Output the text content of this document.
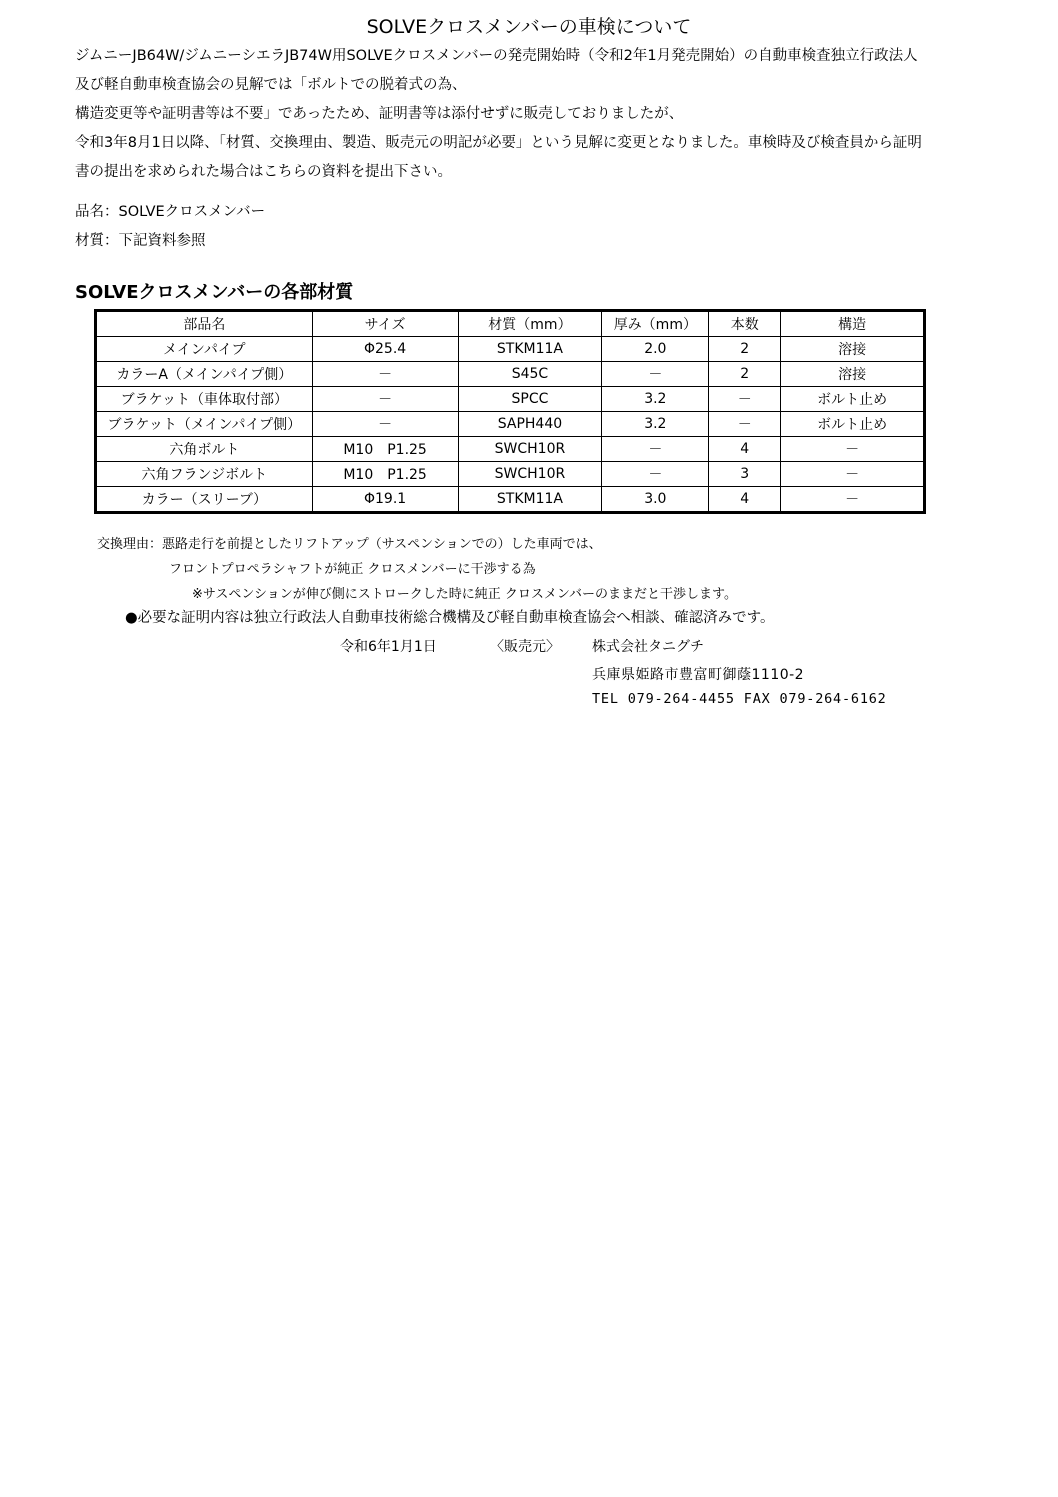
SOLVEクロスメンバーの車検について
ジムニーJB64W/ジムニーシエラJB74W用SOLVEクロスメンバーの発売開始時（令和2年1月発売開始）の自動車検査独立行政法人
及び軽自動車検査協会の見解では「ボルトでの脱着式の為、
構造変更等や証明書等は不要」であったため、証明書等は添付せずに販売しておりましたが、
令和3年8月1日以降、「材質、交換理由、製造、販売元の明記が必要」という見解に変更となりました。車検時及び検査員から証明
書の提出を求められた場合はこちらの資料を提出下さい。
品名：SOLVEクロスメンバー
材質：下記資料参照
SOLVEクロスメンバーの各部材質
部品名	サイズ	材質（mm）	厚み（mm）	本数	構造
メインパイプ	Φ25.4	STKM11A	2.0	2	溶接
カラーA（メインパイプ側）	－	S45C	－	2	溶接
ブラケット（車体取付部）	－	SPCC	3.2	－	ボルト止め
ブラケット（メインパイプ側）	－	SAPH440	3.2	－	ボルト止め
六角ボルト	M10　P1.25	SWCH10R	－	4	－
六角フランジボルト	M10　P1.25	SWCH10R	－	3	－
カラー（スリーブ）	Φ19.1	STKM11A	3.0	4	－
交換理由：悪路走行を前提としたリフトアップ（サスペンションでの）した車両では、
フロントプロペラシャフトが純正 クロスメンバーに干渉する為
※サスペンションが伸び側にストロークした時に純正 クロスメンバーのままだと干渉します。
●必要な証明内容は独立行政法人自動車技術総合機構及び軽自動車検査協会へ相談、確認済みです。
令和6年1月1日	〈販売元〉 株式会社タニグチ
兵庫県姫路市豊富町御蔭1110-2
TEL 079-264-4455 FAX 079-264-6162
